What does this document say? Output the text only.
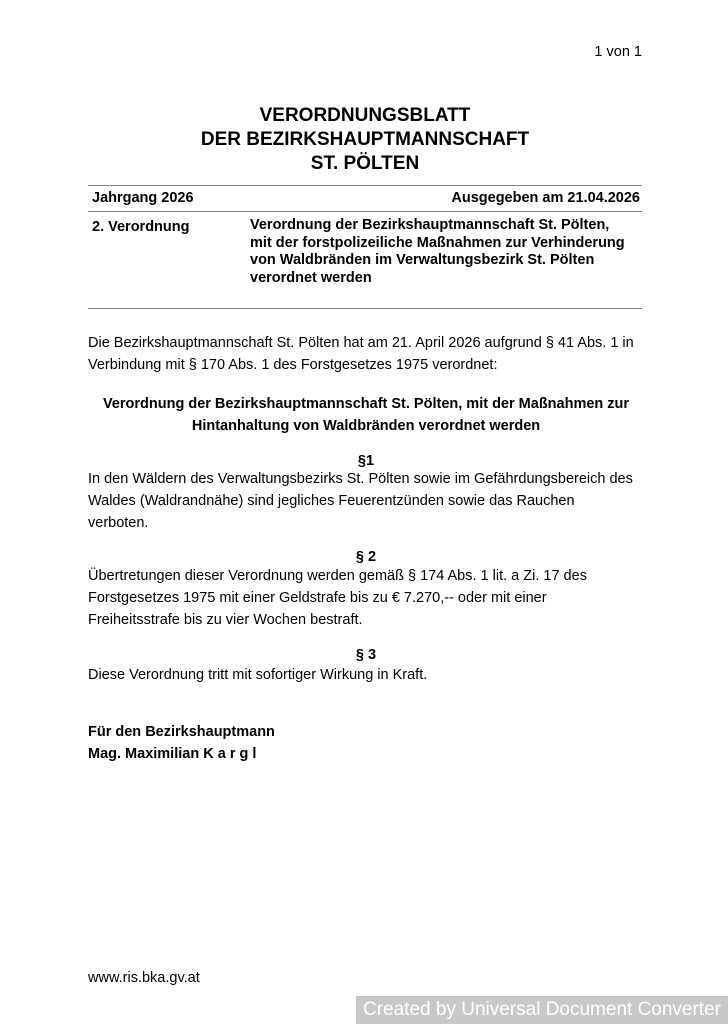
1 von 1
VERORDNUNGSBLATT
DER BEZIRKSHAUPTMANNSCHAFT
ST. PÖLTEN
Jahrgang 2026	Ausgegeben am 21.04.2026
2. Verordnung	Verordnung der Bezirkshauptmannschaft St. Pölten,
mit der forstpolizeiliche Maßnahmen zur Verhinderung
von Waldbränden im Verwaltungsbezirk St. Pölten
verordnet werden
Die Bezirkshauptmannschaft St. Pölten hat am 21. April 2026 aufgrund § 41 Abs. 1 in
Verbindung mit § 170 Abs. 1 des Forstgesetzes 1975 verordnet:
Verordnung der Bezirkshauptmannschaft St. Pölten, mit der Maßnahmen zur
Hintanhaltung von Waldbränden verordnet werden
§1
In den Wäldern des Verwaltungsbezirks St. Pölten sowie im Gefährdungsbereich des
Waldes (Waldrandnähe) sind jegliches Feuerentzünden sowie das Rauchen
verboten.
§ 2
Übertretungen dieser Verordnung werden gemäß § 174 Abs. 1 lit. a Zi. 17 des
Forstgesetzes 1975 mit einer Geldstrafe bis zu € 7.270,-- oder mit einer
Freiheitsstrafe bis zu vier Wochen bestraft.
§ 3
Diese Verordnung tritt mit sofortiger Wirkung in Kraft.
Für den Bezirkshauptmann
Mag. Maximilian K a r g l
www.ris.bka.gv.at
Created by Universal Document Converter
